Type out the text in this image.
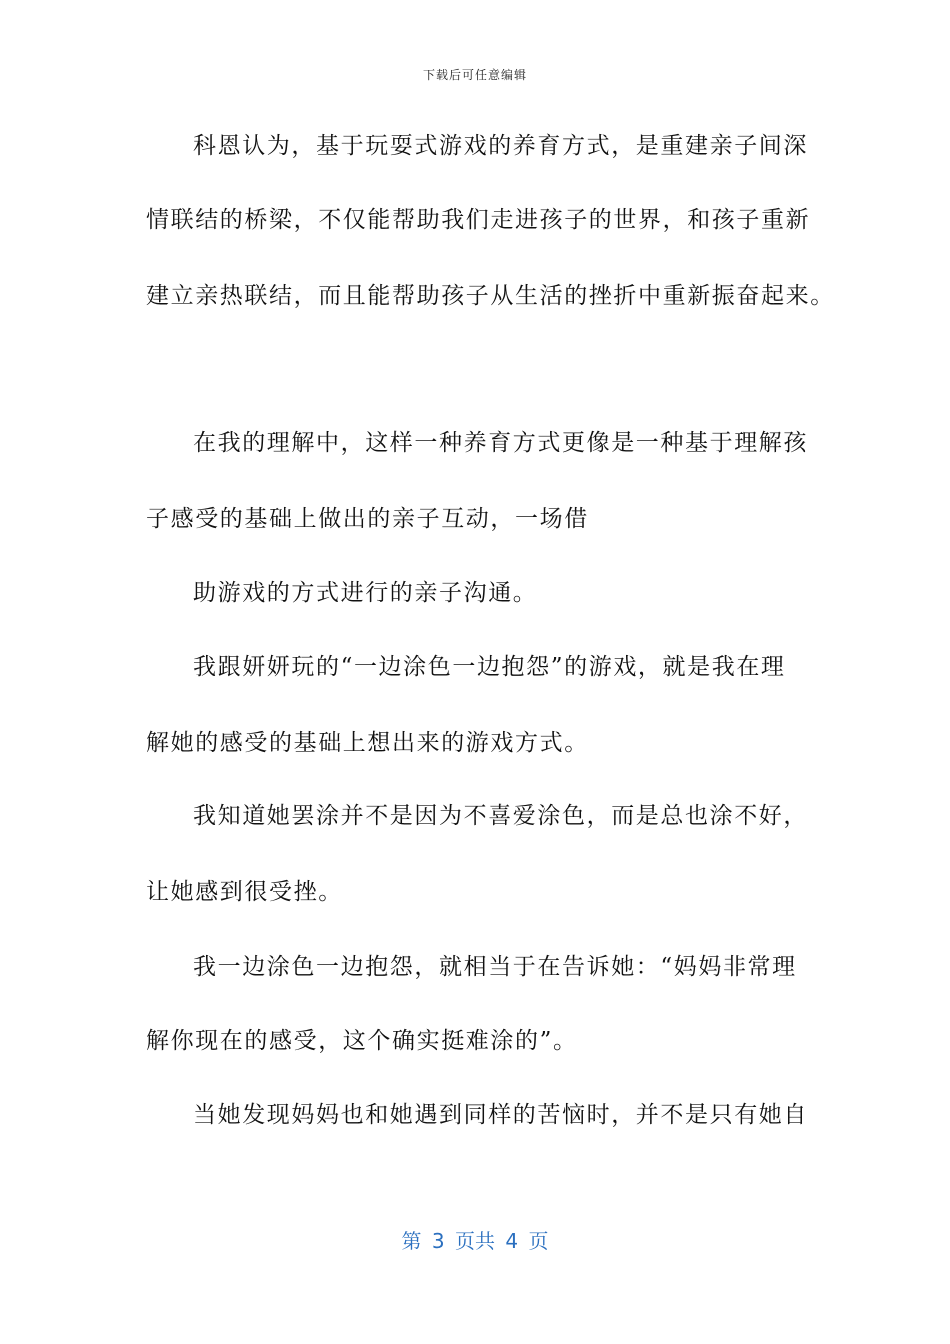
下载后可任意编辑
科恩认为，基于玩耍式游戏的养育方式，是重建亲子间深
情联结的桥梁，不仅能帮助我们走进孩子的世界，和孩子重新
建立亲热联结，而且能帮助孩子从生活的挫折中重新振奋起来。
在我的理解中，这样一种养育方式更像是一种基于理解孩
子感受的基础上做出的亲子互动，一场借
助游戏的方式进行的亲子沟通。
我跟妍妍玩的“一边涂色一边抱怨”的游戏，就是我在理
解她的感受的基础上想出来的游戏方式。
我知道她罢涂并不是因为不喜爱涂色，而是总也涂不好，
让她感到很受挫。
我一边涂色一边抱怨，就相当于在告诉她：“妈妈非常理
解你现在的感受，这个确实挺难涂的”。
当她发现妈妈也和她遇到同样的苦恼时，并不是只有她自
第 3 页共 4 页
